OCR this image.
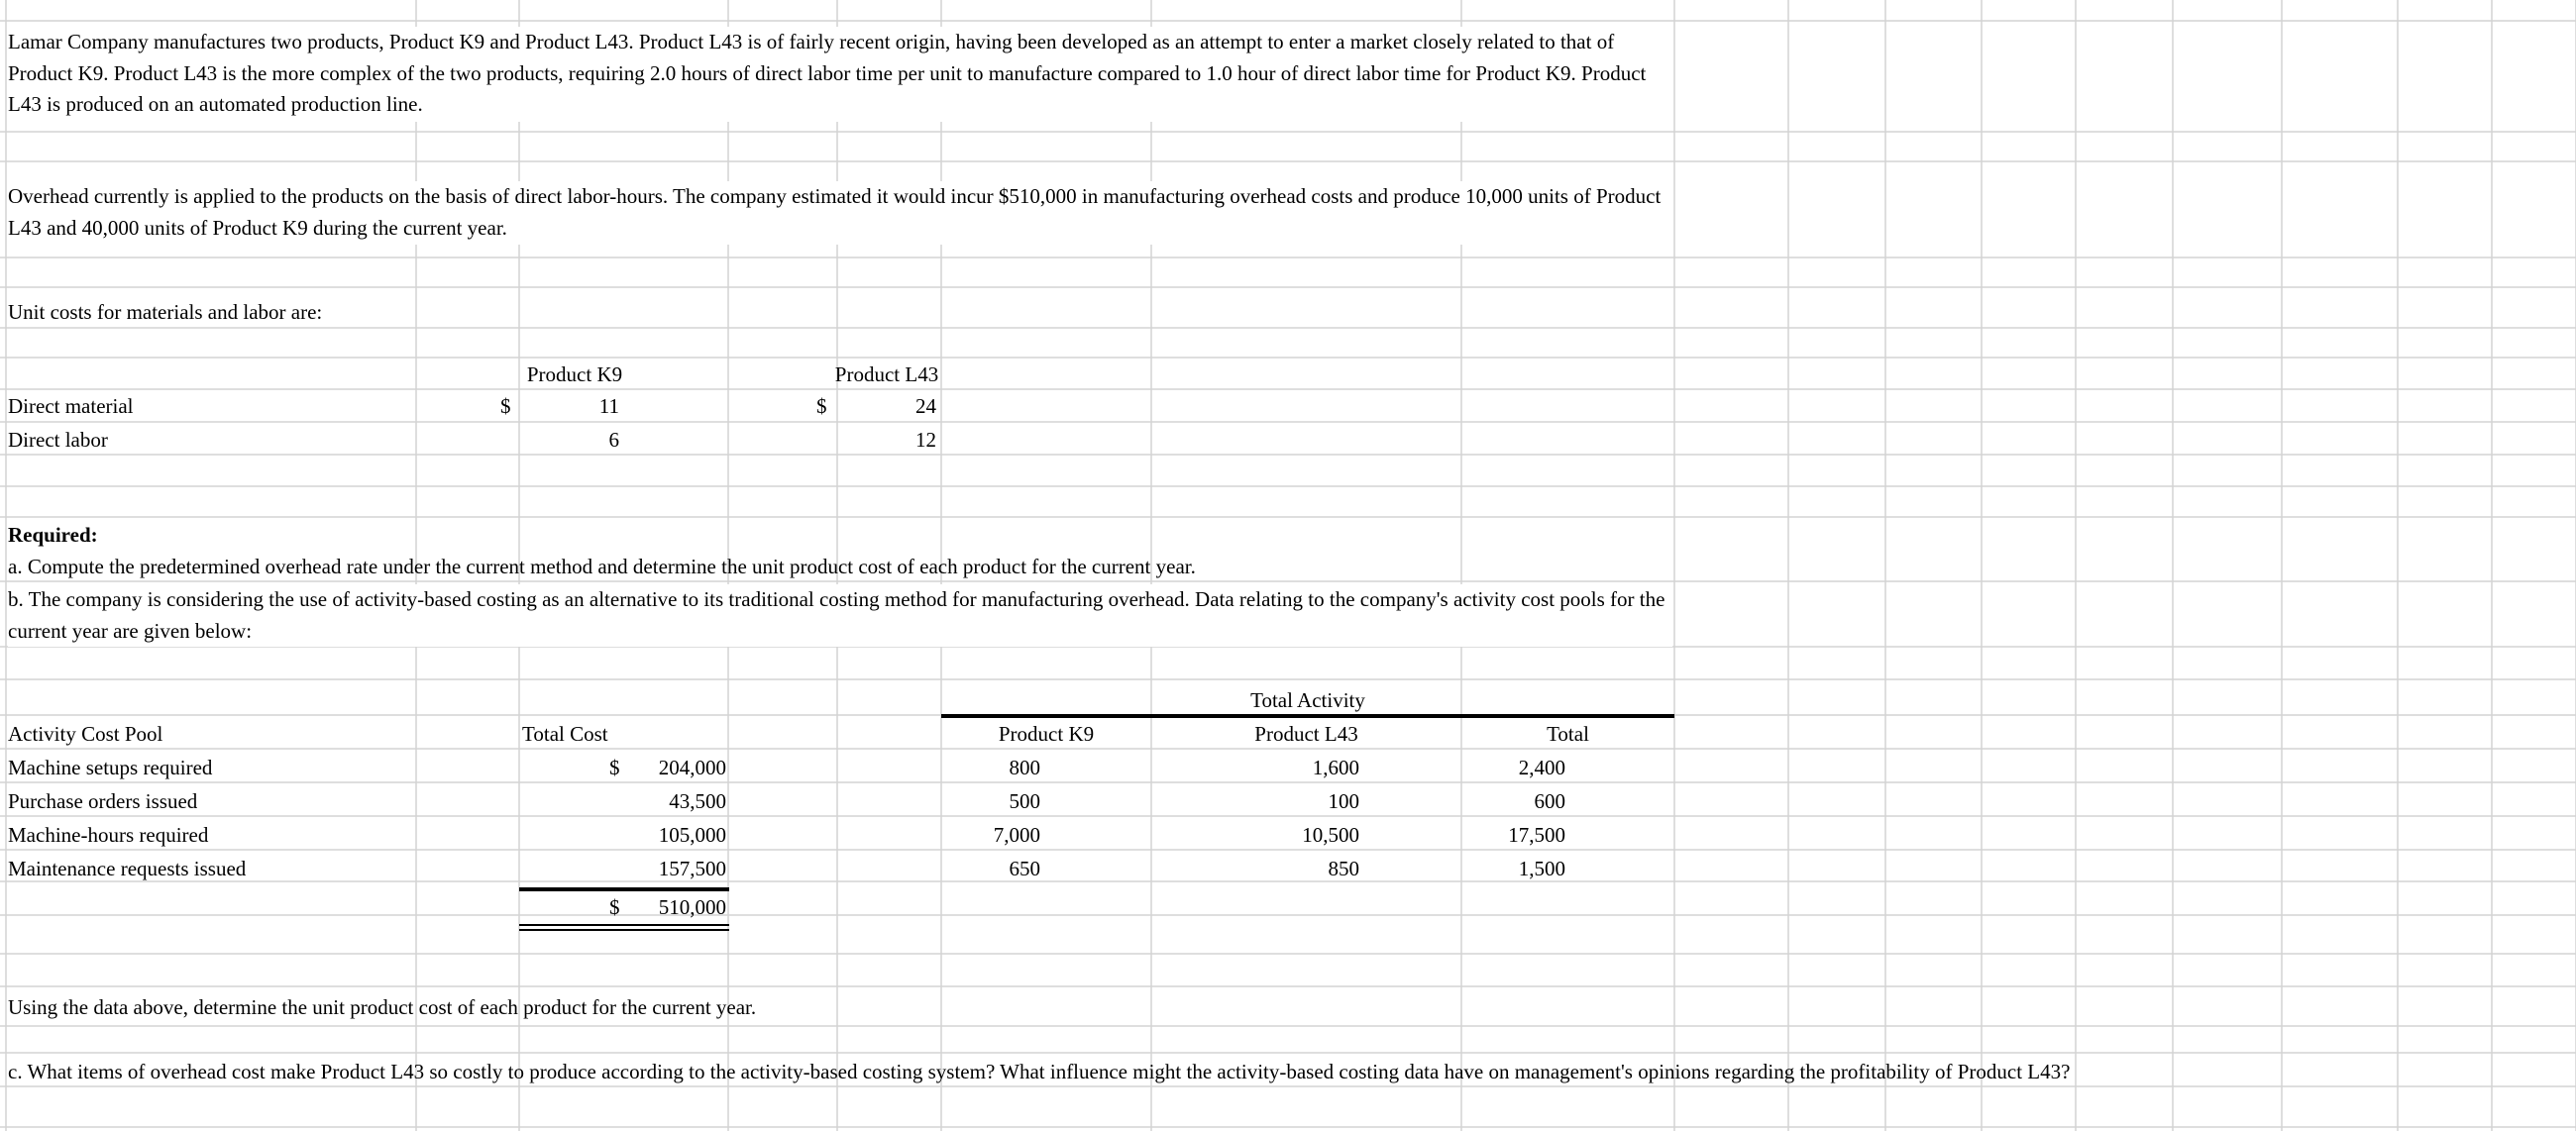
Lamar Company manufactures two products, Product K9 and Product L43. Product L43 is of fairly recent origin, having been developed as an attempt to enter a market closely related to that of Product K9. Product L43 is the more complex of the two products, requiring 2.0 hours of direct labor time per unit to manufacture compared to 1.0 hour of direct labor time for Product K9. Product L43 is produced on an automated production line.
Overhead currently is applied to the products on the basis of direct labor-hours. The company estimated it would incur $510,000 in manufacturing overhead costs and produce 10,000 units of Product L43 and 40,000 units of Product K9 during the current year.
Unit costs for materials and labor are:
Product K9	Product L43
Direct material	$	11	$	24
Direct labor	6	12
Required:
a. Compute the predetermined overhead rate under the current method and determine the unit product cost of each product for the current year.
b. The company is considering the use of activity-based costing as an alternative to its traditional costing method for manufacturing overhead. Data relating to the company's activity cost pools for the current year are given below:
Total Activity
Activity Cost Pool	Total Cost	Product K9	Product L43	Total
Machine setups required	$	204,000	800	1,600	2,400
Purchase orders issued	43,500	500	100	600
Machine-hours required	105,000	7,000	10,500	17,500
Maintenance requests issued	157,500	650	850	1,500
$	510,000
Using the data above, determine the unit product cost of each product for the current year.
c. What items of overhead cost make Product L43 so costly to produce according to the activity-based costing system? What influence might the activity-based costing data have on management's opinions regarding the profitability of Product L43?
